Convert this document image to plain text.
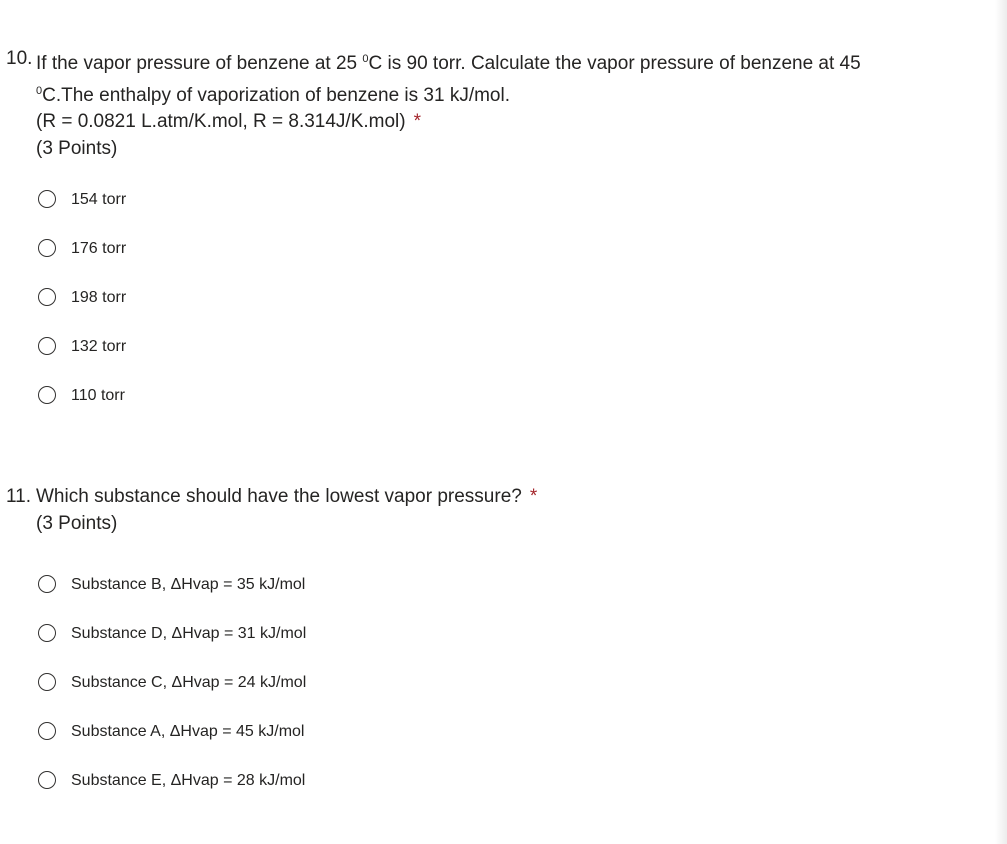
10. If the vapor pressure of benzene at 25 $^0$C is 90 torr. Calculate the vapor pressure of benzene at 45
$^0$C.The enthalpy of vaporization of benzene is 31 kJ/mol.
(R = 0.0821 L.atm/K.mol, R = 8.314J/K.mol) *
(3 Points)
154 torr
176 torr
198 torr
132 torr
110 torr
11. Which substance should have the lowest vapor pressure? *
(3 Points)
Substance B, ΔHvap = 35 kJ/mol
Substance D, ΔHvap = 31 kJ/mol
Substance C, ΔHvap = 24 kJ/mol
Substance A, ΔHvap = 45 kJ/mol
Substance E, ΔHvap = 28 kJ/mol
